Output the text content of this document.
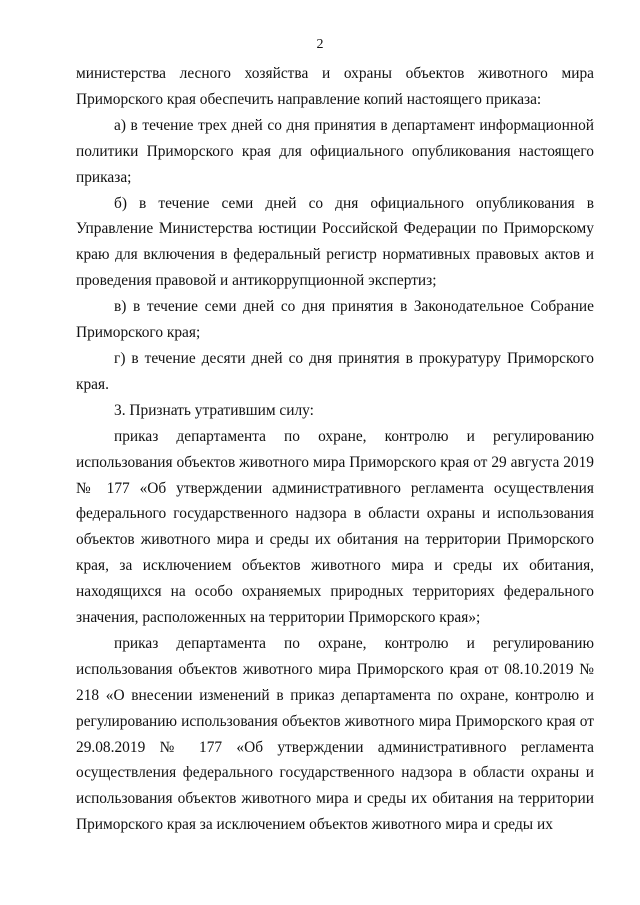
2

министерства лесного хозяйства и охраны объектов животного мира Приморского края обеспечить направление копий настоящего приказа:

а) в течение трех дней со дня принятия в департамент информационной политики Приморского края для официального опубликования настоящего приказа;

б) в течение семи дней со дня официального опубликования в Управление Министерства юстиции Российской Федерации по Приморскому краю для включения в федеральный регистр нормативных правовых актов и проведения правовой и антикоррупционной экспертиз;

в) в течение семи дней со дня принятия в Законодательное Собрание Приморского края;

г) в течение десяти дней со дня принятия в прокуратуру Приморского края.

3. Признать утратившим силу:

приказ департамента по охране, контролю и регулированию использования объектов животного мира Приморского края от 29 августа 2019 № 177 «Об утверждении административного регламента осуществления федерального государственного надзора в области охраны и использования объектов животного мира и среды их обитания на территории Приморского края, за исключением объектов животного мира и среды их обитания, находящихся на особо охраняемых природных территориях федерального значения, расположенных на территории Приморского края»;

приказ департамента по охране, контролю и регулированию использования объектов животного мира Приморского края от 08.10.2019 № 218 «О внесении изменений в приказ департамента по охране, контролю и регулированию использования объектов животного мира Приморского края от 29.08.2019 № 177 «Об утверждении административного регламента осуществления федерального государственного надзора в области охраны и использования объектов животного мира и среды их обитания на территории Приморского края за исключением объектов животного мира и среды их
